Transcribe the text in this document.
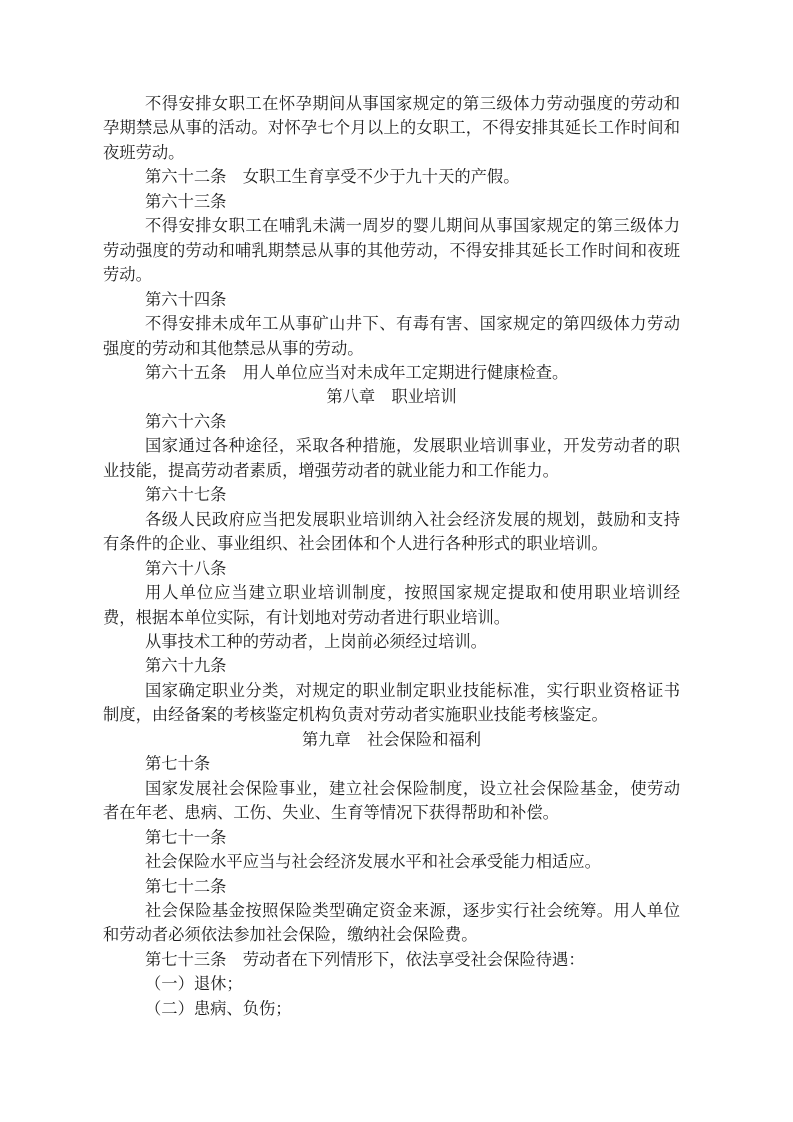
不得安排女职工在怀孕期间从事国家规定的第三级体力劳动强度的劳动和孕期禁忌从事的活动。对怀孕七个月以上的女职工，不得安排其延长工作时间和夜班劳动。

第六十二条　女职工生育享受不少于九十天的产假。

第六十三条

不得安排女职工在哺乳未满一周岁的婴儿期间从事国家规定的第三级体力劳动强度的劳动和哺乳期禁忌从事的其他劳动，不得安排其延长工作时间和夜班劳动。

第六十四条

不得安排未成年工从事矿山井下、有毒有害、国家规定的第四级体力劳动强度的劳动和其他禁忌从事的劳动。

第六十五条　用人单位应当对未成年工定期进行健康检查。

第八章　职业培训

第六十六条

国家通过各种途径，采取各种措施，发展职业培训事业，开发劳动者的职业技能，提高劳动者素质，增强劳动者的就业能力和工作能力。

第六十七条

各级人民政府应当把发展职业培训纳入社会经济发展的规划，鼓励和支持有条件的企业、事业组织、社会团体和个人进行各种形式的职业培训。

第六十八条

用人单位应当建立职业培训制度，按照国家规定提取和使用职业培训经费，根据本单位实际，有计划地对劳动者进行职业培训。

从事技术工种的劳动者，上岗前必须经过培训。

第六十九条

国家确定职业分类，对规定的职业制定职业技能标准，实行职业资格证书制度，由经备案的考核鉴定机构负责对劳动者实施职业技能考核鉴定。

第九章　社会保险和福利

第七十条

国家发展社会保险事业，建立社会保险制度，设立社会保险基金，使劳动者在年老、患病、工伤、失业、生育等情况下获得帮助和补偿。

第七十一条

社会保险水平应当与社会经济发展水平和社会承受能力相适应。

第七十二条

社会保险基金按照保险类型确定资金来源，逐步实行社会统筹。用人单位和劳动者必须依法参加社会保险，缴纳社会保险费。

第七十三条　劳动者在下列情形下，依法享受社会保险待遇：

（一）退休；

（二）患病、负伤；
